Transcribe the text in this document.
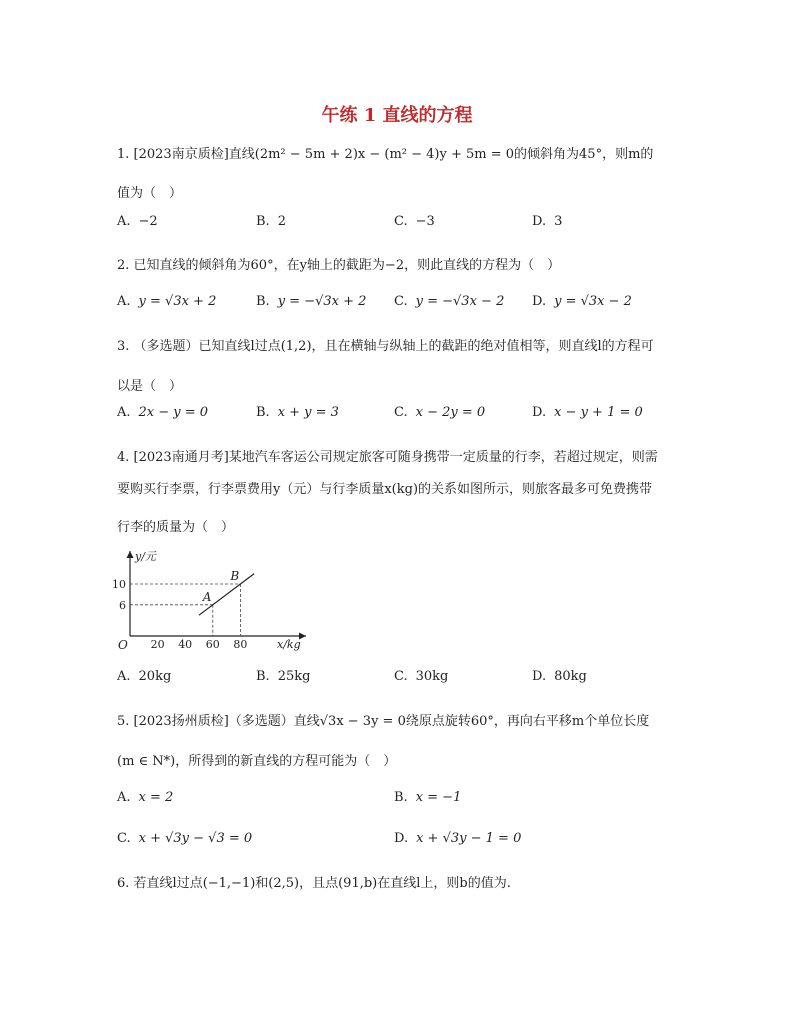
午练 1 直线的方程
1. [2023南京质检]直线(2m² − 5m + 2)x − (m² − 4)y + 5m = 0的倾斜角为45°，则m的
值为（　）
A. −2	B. 2	C. −3	D. 3
2. 已知直线的倾斜角为60°，在y轴上的截距为−2，则此直线的方程为（　）
A. y = √3x + 2	B. y = −√3x + 2 C. y = −√3x − 2 D. y = √3x − 2
3. （多选题）已知直线l过点(1,2)，且在横轴与纵轴上的截距的绝对值相等，则直线l的方程可
以是（　）
A. 2x − y = 0	B. x + y = 3	C. x − 2y = 0	D. x − y + 1 = 0
4. [2023南通月考]某地汽车客运公司规定旅客可随身携带一定质量的行李，若超过规定，则需
要购买行李票，行李票费用y（元）与行李质量x(kg)的关系如图所示，则旅客最多可免费携带
行李的质量为（　）
20 40 60 80
6
10
A
B
y/元
x/kg
O
A. 20kg	B. 25kg	C. 30kg	D. 80kg
5. [2023扬州质检]（多选题）直线√3x − 3y = 0绕原点旋转60°，再向右平移m个单位长度
(m ∈ N*)，所得到的新直线的方程可能为（　）
A. x = 2	B. x = −1
C. x + √3y − √3 = 0	D. x + √3y − 1 = 0
6. 若直线l过点(−1,−1)和(2,5)，且点(91,b)在直线l上，则b的值为.
